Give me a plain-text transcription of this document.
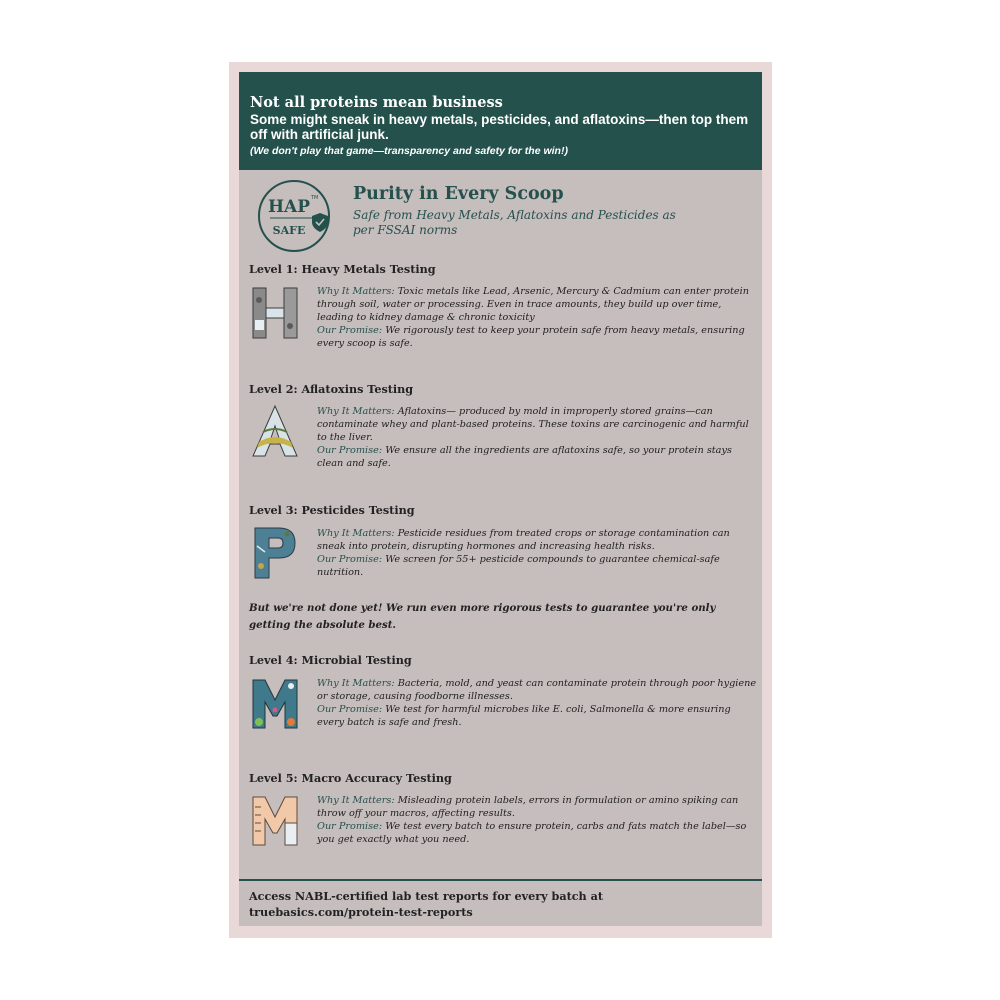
Not all proteins mean business
Some might sneak in heavy metals, pesticides, and aflatoxins—then top them off with artificial junk.
(We don't play that game—transparency and safety for the win!)
HAP TM
SAFE
Purity in Every Scoop
Safe from Heavy Metals, Aflatoxins and Pesticides as per FSSAI norms
Level 1: Heavy Metals Testing
Why It Matters: Toxic metals like Lead, Arsenic, Mercury & Cadmium can enter protein through soil, water or processing. Even in trace amounts, they build up over time, leading to kidney damage & chronic toxicity
Our Promise: We rigorously test to keep your protein safe from heavy metals, ensuring every scoop is safe.
Level 2: Aflatoxins Testing
Why It Matters: Aflatoxins— produced by mold in improperly stored grains—can contaminate whey and plant-based proteins. These toxins are carcinogenic and harmful to the liver.
Our Promise: We ensure all the ingredients are aflatoxins safe, so your protein stays clean and safe.
Level 3: Pesticides Testing
Why It Matters: Pesticide residues from treated crops or storage contamination can sneak into protein, disrupting hormones and increasing health risks.
Our Promise: We screen for 55+ pesticide compounds to guarantee chemical-safe nutrition.
But we're not done yet! We run even more rigorous tests to guarantee you're only getting the absolute best.
Level 4: Microbial Testing
Why It Matters: Bacteria, mold, and yeast can contaminate protein through poor hygiene or storage, causing foodborne illnesses.
Our Promise: We test for harmful microbes like E. coli, Salmonella & more ensuring every batch is safe and fresh.
Level 5: Macro Accuracy Testing
Why It Matters: Misleading protein labels, errors in formulation or amino spiking can throw off your macros, affecting results.
Our Promise: We test every batch to ensure protein, carbs and fats match the label—so you get exactly what you need.
Access NABL-certified lab test reports for every batch at
truebasics.com/protein-test-reports
